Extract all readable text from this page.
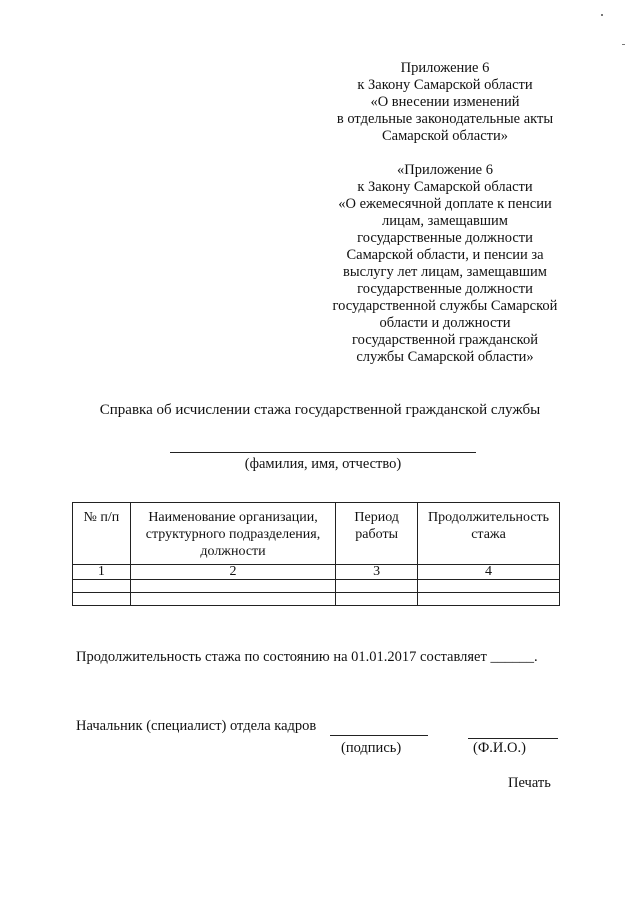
Приложение 6
к Закону Самарской области
«О внесении изменений
в отдельные законодательные акты
Самарской области»
«Приложение 6
к Закону Самарской области
«О ежемесячной доплате к пенсии
лицам, замещавшим
государственные должности
Самарской области, и пенсии за
выслугу лет лицам, замещавшим
государственные должности
государственной службы Самарской
области и должности
государственной гражданской
службы Самарской области»
Справка об исчислении стажа государственной гражданской службы
(фамилия, имя, отчество)
№ п/п	Наименование организации, структурного подразделения, должности	Период работы	Продолжительность стажа
1	2	3	4

Продолжительность стажа по состоянию на 01.01.2017 составляет ______.
Начальник (специалист) отдела кадров
(подпись)	(Ф.И.О.)
Печать
